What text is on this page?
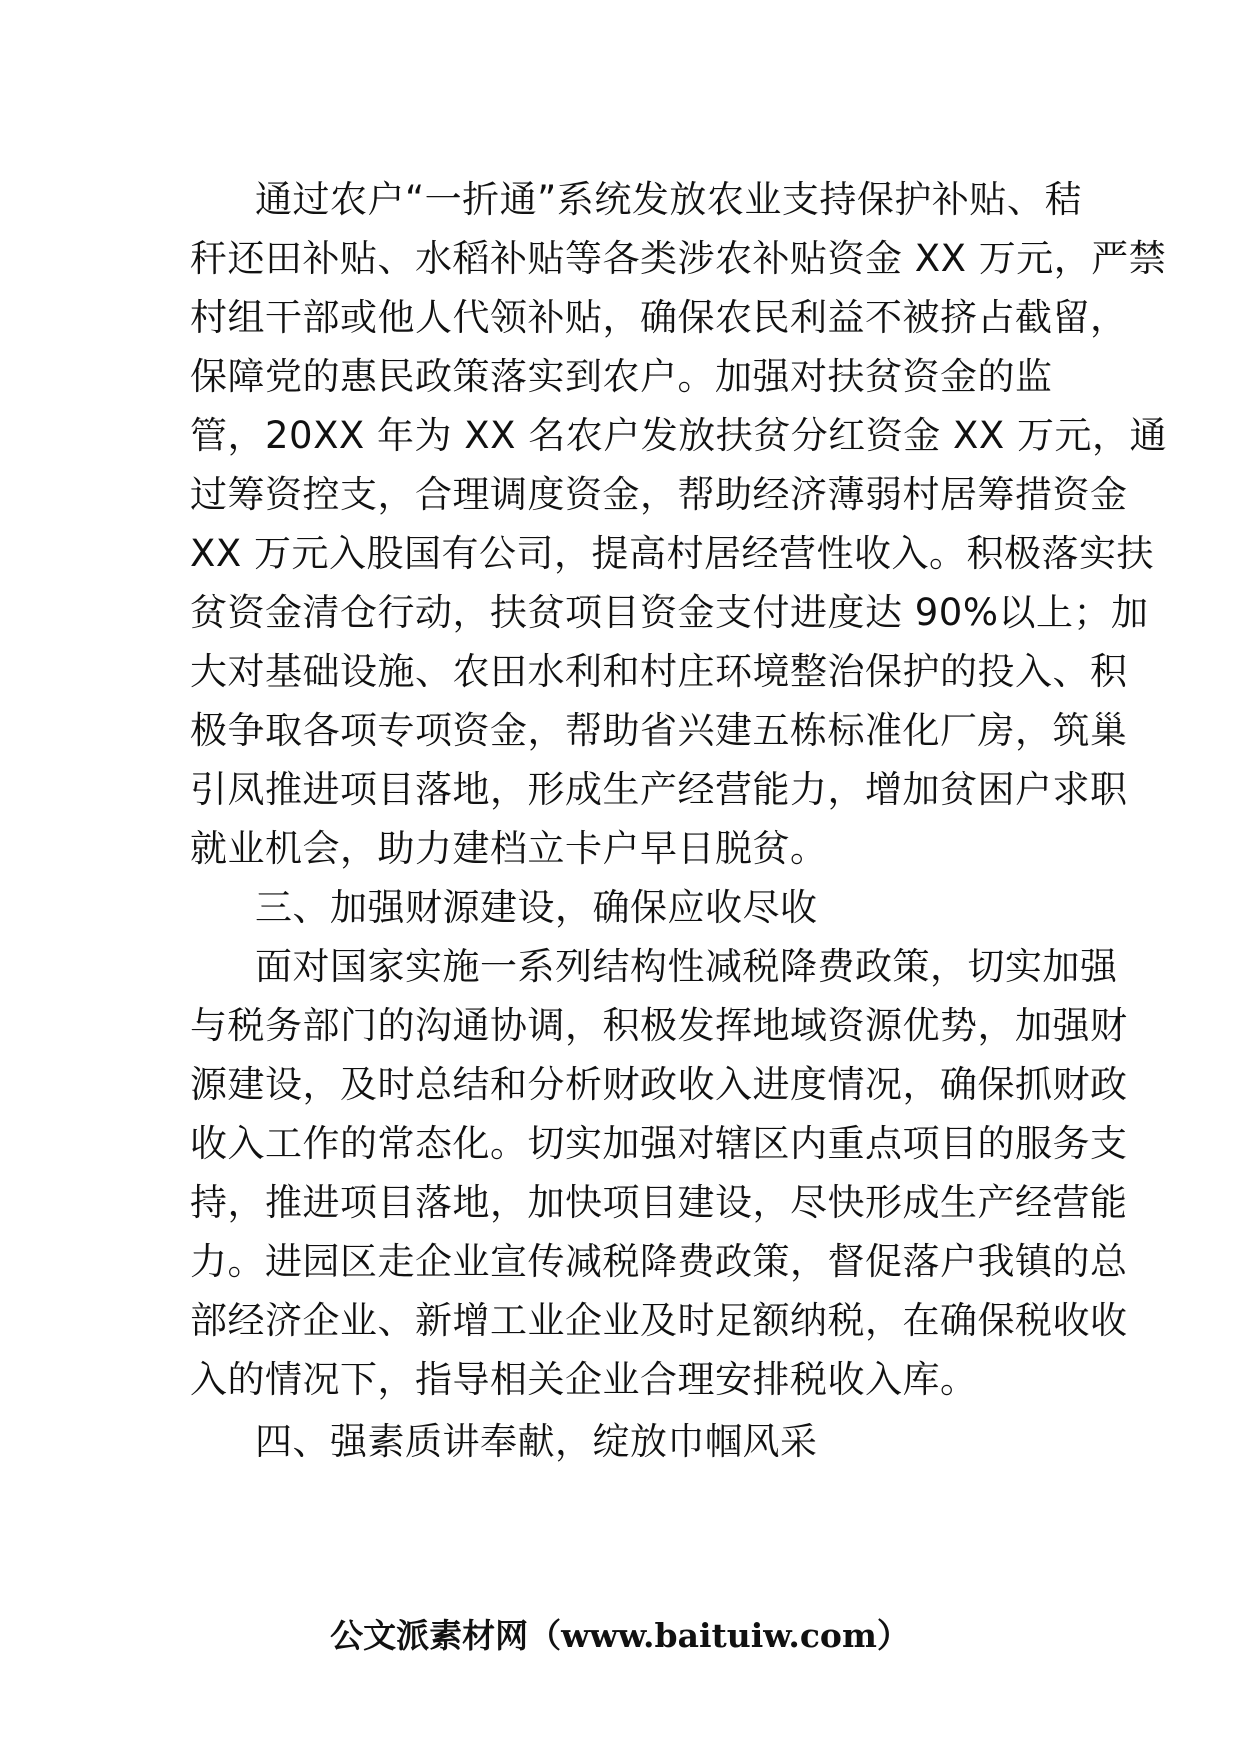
通过农户“一折通”系统发放农业支持保护补贴、秸
秆还田补贴、水稻补贴等各类涉农补贴资金 XX 万元，严禁
村组干部或他人代领补贴，确保农民利益不被挤占截留，
保障党的惠民政策落实到农户。加强对扶贫资金的监
管，20XX 年为 XX 名农户发放扶贫分红资金 XX 万元，通
过筹资控支，合理调度资金，帮助经济薄弱村居筹措资金
XX 万元入股国有公司，提高村居经营性收入。积极落实扶
贫资金清仓行动，扶贫项目资金支付进度达 90%以上；加
大对基础设施、农田水利和村庄环境整治保护的投入、积
极争取各项专项资金，帮助省兴建五栋标准化厂房，筑巢
引凤推进项目落地，形成生产经营能力，增加贫困户求职
就业机会，助力建档立卡户早日脱贫。
三、加强财源建设，确保应收尽收
面对国家实施一系列结构性减税降费政策，切实加强
与税务部门的沟通协调，积极发挥地域资源优势，加强财
源建设，及时总结和分析财政收入进度情况，确保抓财政
收入工作的常态化。切实加强对辖区内重点项目的服务支
持，推进项目落地，加快项目建设，尽快形成生产经营能
力。进园区走企业宣传减税降费政策，督促落户我镇的总
部经济企业、新增工业企业及时足额纳税，在确保税收收
入的情况下，指导相关企业合理安排税收入库。
四、强素质讲奉献，绽放巾帼风采
公文派素材网（www.baituiw.com）
